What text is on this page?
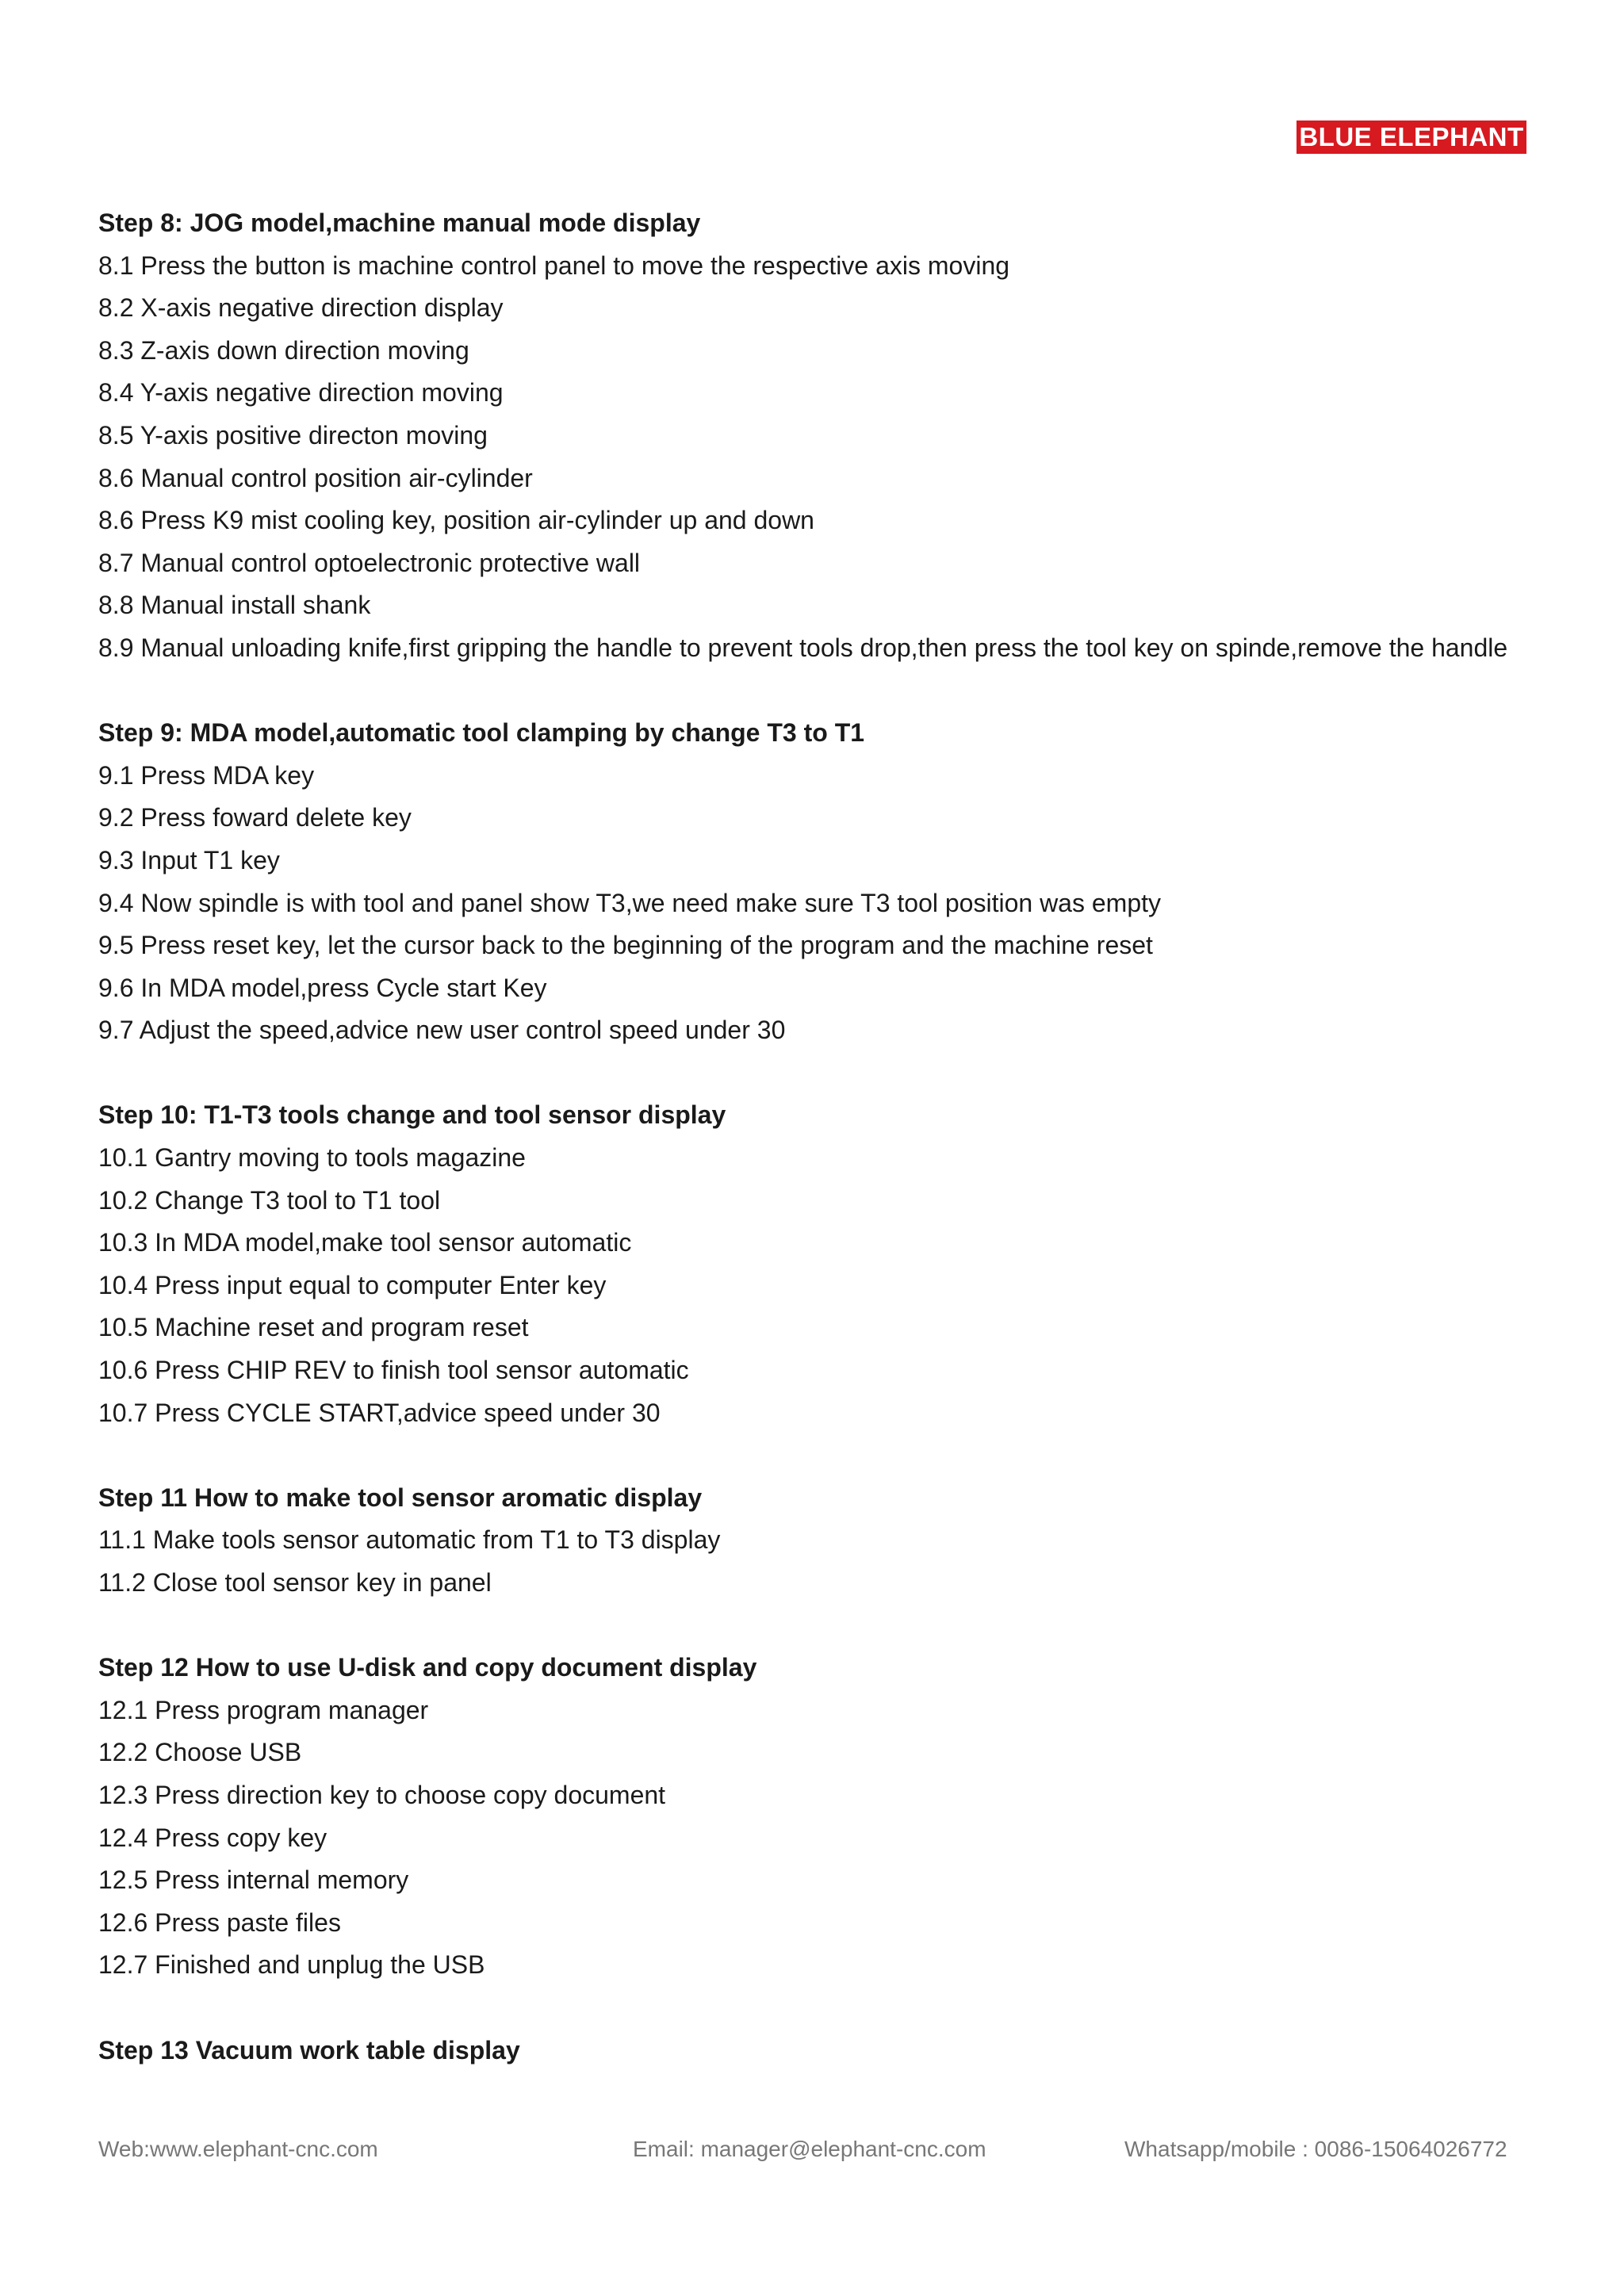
BLUE ELEPHANT

Step 8: JOG model,machine manual mode display

8.1 Press the button is machine control panel to move the respective axis moving

8.2 X-axis negative direction display

8.3 Z-axis down direction moving

8.4 Y-axis negative direction moving

8.5 Y-axis positive directon moving

8.6 Manual control position air-cylinder

8.6 Press K9 mist cooling key, position air-cylinder up and down

8.7 Manual control optoelectronic protective wall

8.8 Manual install shank

8.9 Manual unloading knife,first gripping the handle to prevent tools drop,then press the tool key on spinde,remove the handle

Step 9: MDA model,automatic tool clamping by change T3 to T1

9.1 Press MDA key

9.2 Press foward delete key

9.3 Input T1 key

9.4 Now spindle is with tool and panel show T3,we need make sure T3 tool position was empty

9.5 Press reset key, let the cursor back to the beginning of the program and the machine reset

9.6 In MDA model,press Cycle start Key

9.7 Adjust the speed,advice new user control speed under 30

Step 10: T1-T3 tools change and tool sensor display

10.1 Gantry moving to tools magazine

10.2 Change T3 tool to T1 tool

10.3 In MDA model,make tool sensor automatic

10.4 Press input equal to computer Enter key

10.5 Machine reset and program reset

10.6 Press CHIP REV to finish tool sensor automatic

10.7 Press CYCLE START,advice speed under 30

Step 11 How to make tool sensor aromatic display

11.1 Make tools sensor automatic from T1 to T3 display

11.2 Close tool sensor key in panel

Step 12 How to use U-disk and copy document display

12.1 Press program manager

12.2 Choose USB

12.3 Press direction key to choose copy document

12.4 Press copy key

12.5 Press internal memory

12.6 Press paste files

12.7 Finished and unplug the USB

Step 13 Vacuum work table display

Web:www.elephant-cnc.com	Email: manager@elephant-cnc.com	Whatsapp/mobile : 0086-15064026772
